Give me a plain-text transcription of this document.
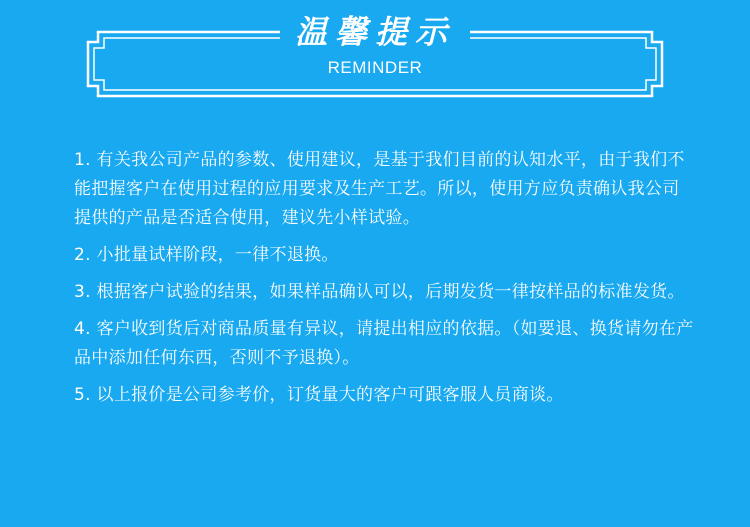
温馨提示
REMINDER
1. 有关我公司产品的参数、使用建议，是基于我们目前的认知水平，由于我们不能把握客户在使用过程的应用要求及生产工艺。所以，使用方应负责确认我公司提供的产品是否适合使用，建议先小样试验。
2. 小批量试样阶段，一律不退换。
3. 根据客户试验的结果，如果样品确认可以，后期发货一律按样品的标准发货。
4. 客户收到货后对商品质量有异议，请提出相应的依据。（如要退、换货请勿在产品中添加任何东西，否则不予退换）。
5. 以上报价是公司参考价，订货量大的客户可跟客服人员商谈。
